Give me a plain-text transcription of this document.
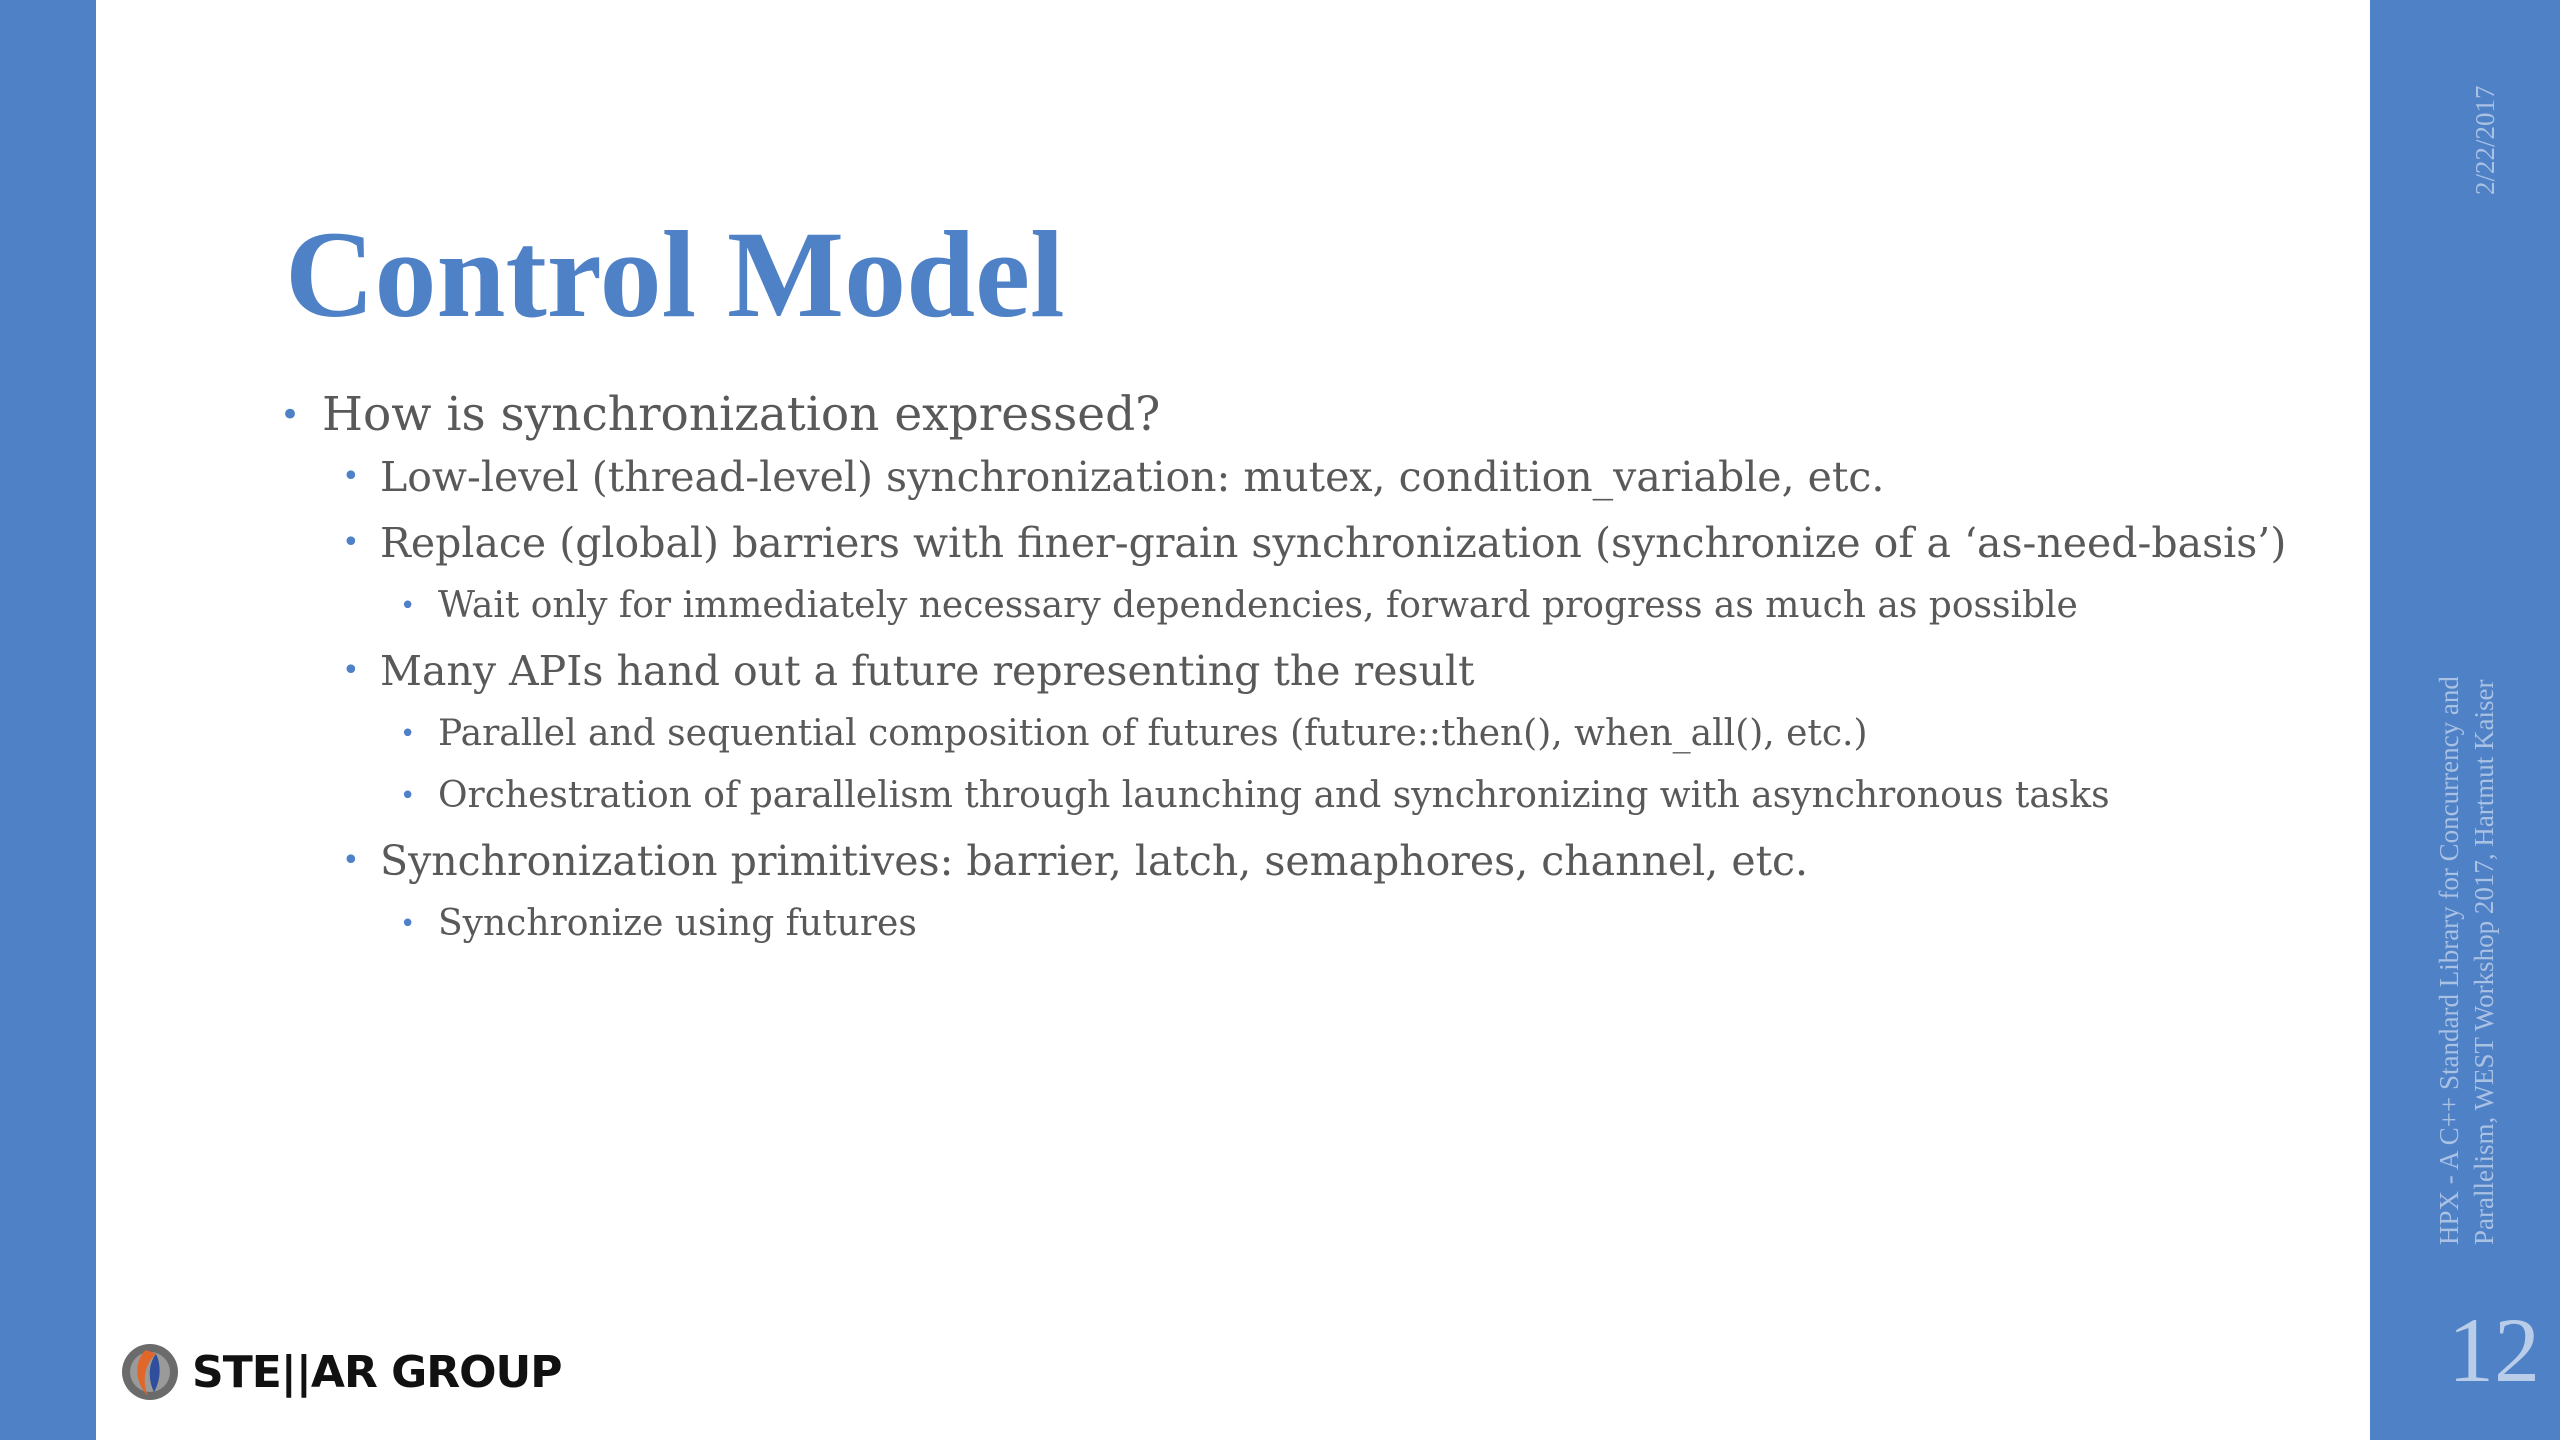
Control Model
• How is synchronization expressed?
• Low-level (thread-level) synchronization: mutex, condition_variable, etc.
• Replace (global) barriers with finer-grain synchronization (synchronize of a ‘as-need-basis’)
• Wait only for immediately necessary dependencies, forward progress as much as possible
• Many APIs hand out a future representing the result
• Parallel and sequential composition of futures (future::then(), when_all(), etc.)
• Orchestration of parallelism through launching and synchronizing with asynchronous tasks
• Synchronization primitives: barrier, latch, semaphores, channel, etc.
• Synchronize using futures
2/22/2017
HPX - A C++ Standard Library for Concurrency and Parallelism, WEST Workshop 2017, Hartmut Kaiser
12
STE||AR GROUP
